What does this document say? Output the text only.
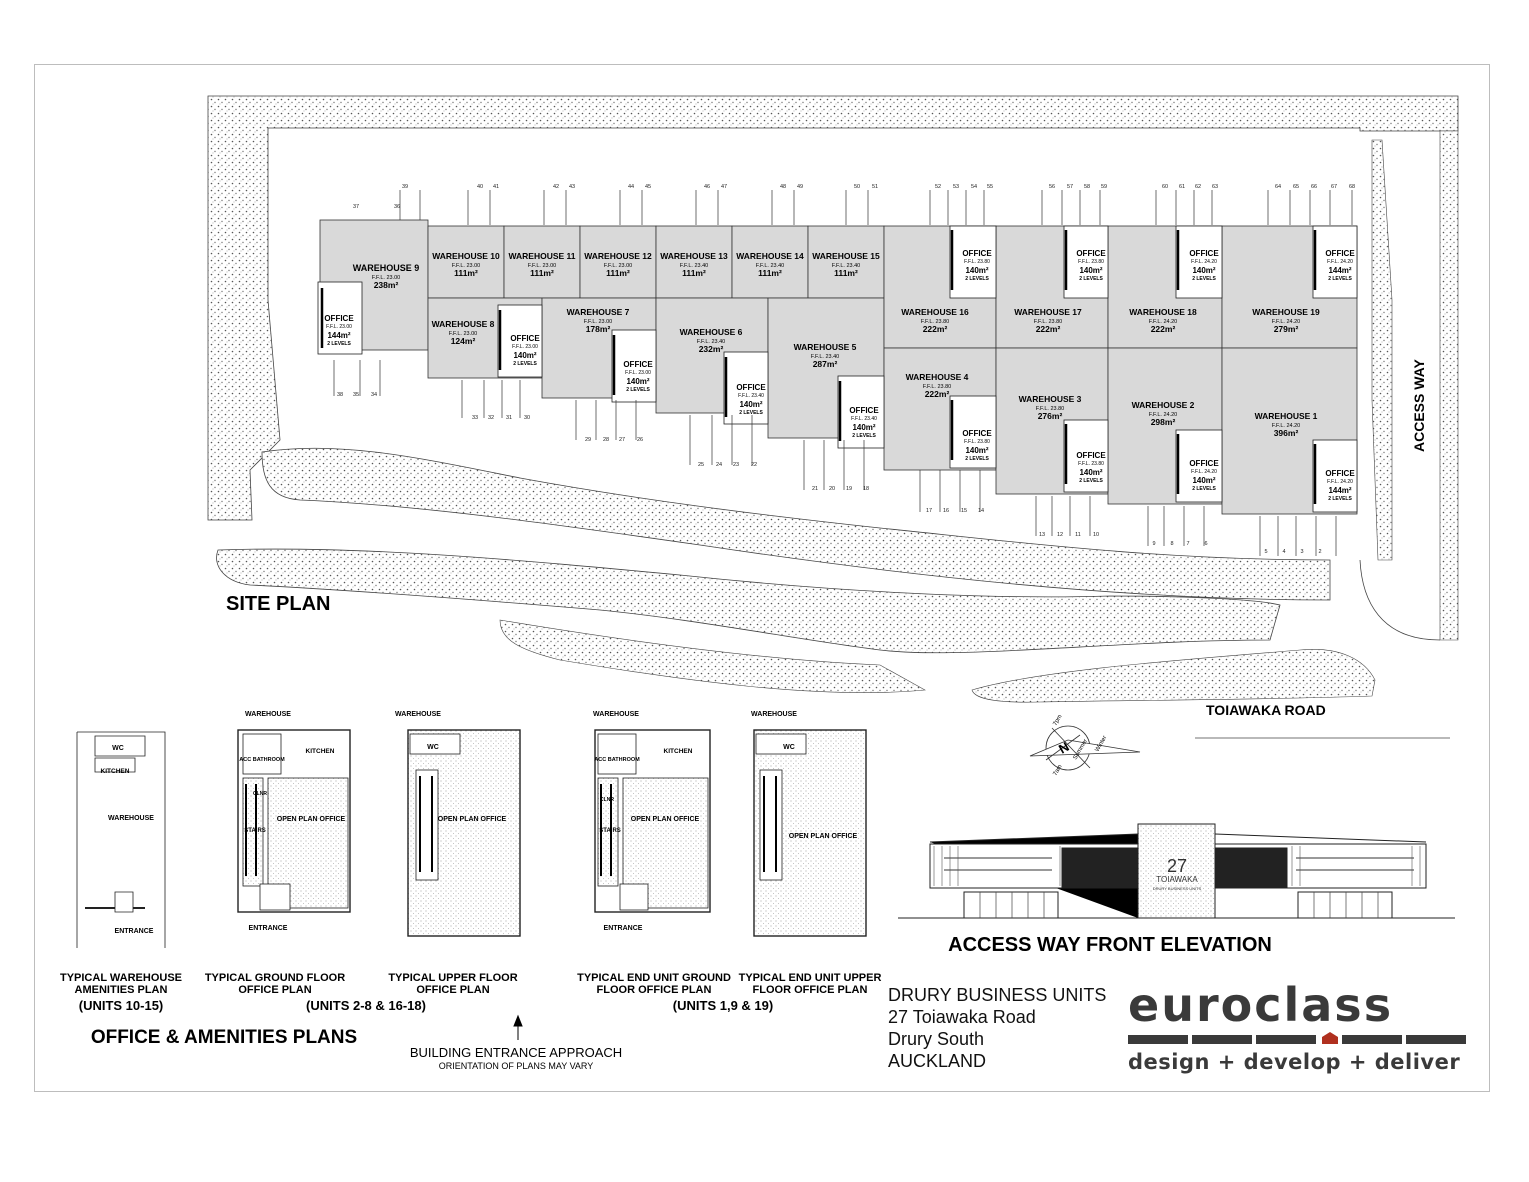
SITE PLAN
ACCESS WAY
TOIAWAKA ROAD
N
7pm
Summer Winter
7am
WAREHOUSE 9
F.F.L. 23.00
238m²
WAREHOUSE 10
F.F.L. 23.00
111m²
WAREHOUSE 11
F.F.L. 23.00
111m²
WAREHOUSE 12
F.F.L. 23.00
111m²
WAREHOUSE 13
F.F.L. 23.40
111m²
WAREHOUSE 14
F.F.L. 23.40
111m²
WAREHOUSE 15
F.F.L. 23.40
111m²
WAREHOUSE 8
F.F.L. 23.00
124m²
WAREHOUSE 7
F.F.L. 23.00
178m²	WAREHOUSE 6
F.F.L. 23.40
232m²	WAREHOUSE 5
F.F.L. 23.40
287m²
WAREHOUSE 16
F.F.L. 23.80
222m²
WAREHOUSE 17
F.F.L. 23.80
222m²
WAREHOUSE 18
F.F.L. 24.20
222m²
WAREHOUSE 19
F.F.L. 24.20
279m²
WAREHOUSE 4
F.F.L. 23.80
222m²	WAREHOUSE 3
F.F.L. 23.80
276m²
WAREHOUSE 2
F.F.L. 24.20
298m²
WAREHOUSE 1
F.F.L. 24.20
396m²
OFFICE
F.F.L. 23.00
144m²
2 LEVELS
OFFICE
F.F.L. 23.00
140m²
2 LEVELS	OFFICE
F.F.L. 23.00
140m²
2 LEVELS	OFFICE
F.F.L. 23.40
140m²
2 LEVELS	OFFICE
F.F.L. 23.40
140m²
2 LEVELS
OFFICE
F.F.L. 23.80
140m²
2 LEVELS
OFFICE
F.F.L. 23.80
140m²
2 LEVELS
OFFICE
F.F.L. 24.20
140m²
2 LEVELS
OFFICE
F.F.L. 24.20
144m²
2 LEVELS
OFFICE
F.F.L. 23.80
140m²
2 LEVELS	OFFICE
F.F.L. 23.80
140m²
2 LEVELS
OFFICE
F.F.L. 24.20
140m²
2 LEVELS
OFFICE
F.F.L. 24.20
144m²
2 LEVELS
39	40 41	42 43	44 45	46 47	48 49	50 51	52 53 54 55	56 57 58 59	60 61 62 63	64 65 66	67 68
38 35 34
33 32 31 30
29 28 27 26
25 24 23 22
21 20 19 18
17 16 15 14
13 12 11 10
9	8 7	6
5	4	3	2
37	36
WC
KITCHEN
WAREHOUSE
ENTRANCE
WAREHOUSE
KITCHEN
ACC BATHROOM
CLNR
STAIRS
OPEN PLAN OFFICE
ENTRANCE
WAREHOUSE
WC
OPEN PLAN OFFICE
WAREHOUSE
KITCHEN
ACC BATHROOM
CLNR
STAIRS
OPEN PLAN OFFICE
ENTRANCE
WAREHOUSE
WC
OPEN PLAN OFFICE
TYPICAL WAREHOUSE
AMENITIES PLAN
(UNITS 10-15)
TYPICAL GROUND FLOOR
OFFICE PLAN
TYPICAL UPPER FLOOR
OFFICE PLAN
TYPICAL END UNIT GROUND
FLOOR OFFICE PLAN
TYPICAL END UNIT UPPER
FLOOR OFFICE PLAN
(UNITS 2-8 & 16-18)	(UNITS 1,9 & 19)
OFFICE & AMENITIES PLANS
BUILDING ENTRANCE APPROACH
ORIENTATION OF PLANS MAY VARY
ACCESS WAY FRONT ELEVATION
27
TOIAWAKA
DRURY BUSINESS UNITS
DRURY BUSINESS UNITS
27 Toiawaka Road
Drury South
AUCKLAND
euroclass
design + develop + deliver
